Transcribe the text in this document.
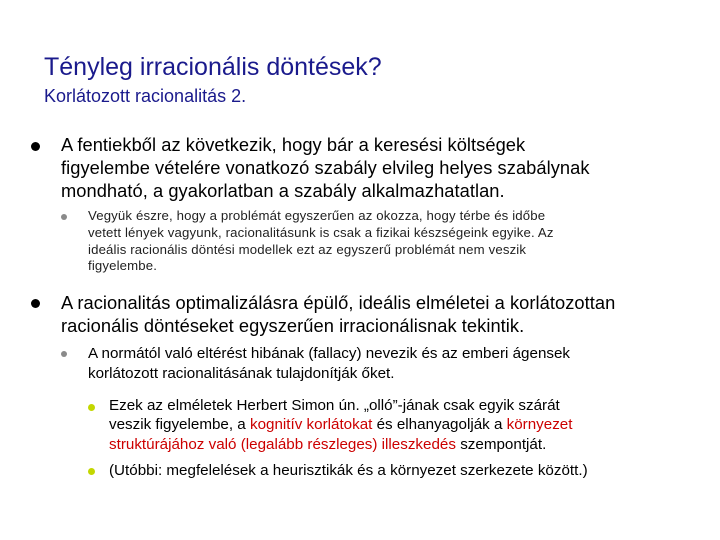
Tényleg irracionális döntések?
Korlátozott racionalitás 2.
A fentiekből az következik, hogy bár a keresési költségek
figyelembe vételére vonatkozó szabály elvileg helyes szabálynak
mondható, a gyakorlatban a szabály alkalmazhatatlan.
Vegyük észre, hogy a problémát egyszerűen az okozza, hogy térbe és időbe
vetett lények vagyunk, racionalitásunk is csak a fizikai készségeink egyike. Az
ideális racionális döntési modellek ezt az egyszerű problémát nem veszik
figyelembe.
A racionalitás optimalizálásra épülő, ideális elméletei a korlátozottan
racionális döntéseket egyszerűen irracionálisnak tekintik.
A normától való eltérést hibának (fallacy) nevezik és az emberi ágensek
korlátozott racionalitásának tulajdonítják őket.
Ezek az elméletek Herbert Simon ún. „olló”-jának csak egyik szárát
veszik figyelembe, a kognitív korlátokat és elhanyagolják a környezet
struktúrájához való (legalább részleges) illeszkedés szempontját.
(Utóbbi: megfelelések a heurisztikák és a környezet szerkezete között.)
